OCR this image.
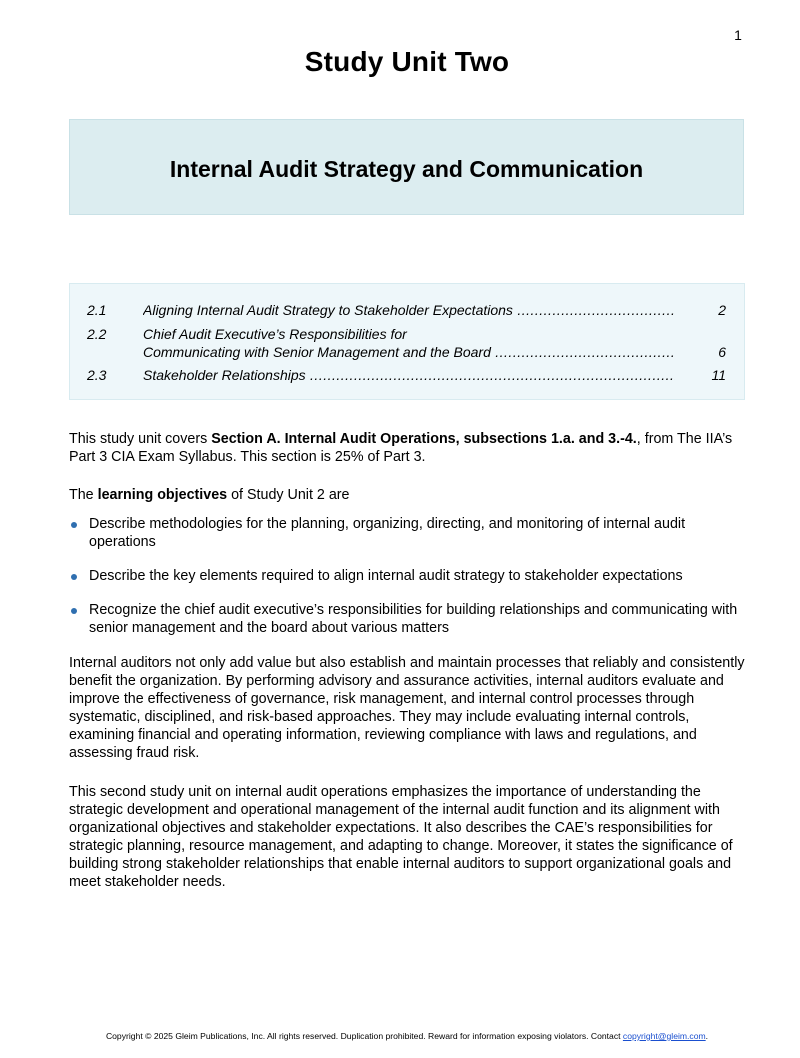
1
Study Unit Two
Internal Audit Strategy and Communication
2.1	Aligning Internal Audit Strategy to Stakeholder Expectations .....	2
2.2	Chief Audit Executive’s Responsibilities for
Communicating with Senior Management and the Board .....	6
2.3	Stakeholder Relationships .....	11
This study unit covers Section A. Internal Audit Operations, subsections 1.a. and 3.-4., from The IIA’s Part 3 CIA Exam Syllabus. This section is 25% of Part 3.
The learning objectives of Study Unit 2 are
Describe methodologies for the planning, organizing, directing, and monitoring of internal audit operations
Describe the key elements required to align internal audit strategy to stakeholder expectations
Recognize the chief audit executive’s responsibilities for building relationships and communicating with senior management and the board about various matters
Internal auditors not only add value but also establish and maintain processes that reliably and consistently benefit the organization. By performing advisory and assurance activities, internal auditors evaluate and improve the effectiveness of governance, risk management, and internal control processes through systematic, disciplined, and risk-based approaches. They may include evaluating internal controls, examining financial and operating information, reviewing compliance with laws and regulations, and assessing fraud risk.
This second study unit on internal audit operations emphasizes the importance of understanding the strategic development and operational management of the internal audit function and its alignment with organizational objectives and stakeholder expectations. It also describes the CAE’s responsibilities for strategic planning, resource management, and adapting to change. Moreover, it states the significance of building strong stakeholder relationships that enable internal auditors to support organizational goals and meet stakeholder needs.
Copyright © 2025 Gleim Publications, Inc. All rights reserved. Duplication prohibited. Reward for information exposing violators. Contact copyright@gleim.com.
